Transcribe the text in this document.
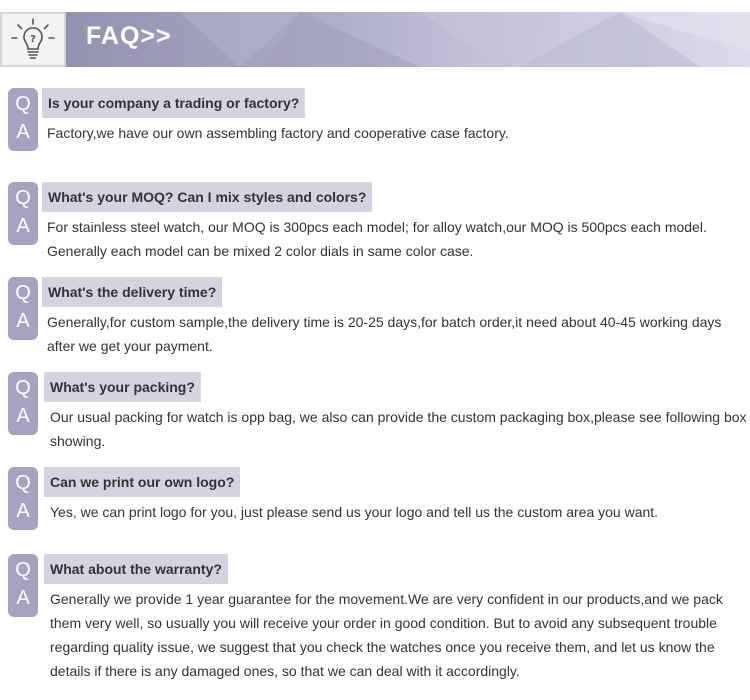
? FAQ>>
Q
A
Is your company a trading or factory?
Factory,we have our own assembling factory and cooperative case factory.
Q
A
What's your MOQ? Can I mix styles and colors?
For stainless steel watch, our MOQ is 300pcs each model; for alloy watch,our MOQ is 500pcs each model. Generally each model can be mixed 2 color dials in same color case.
Q
A
What's the delivery time?
Generally,for custom sample,the delivery time is 20-25 days,for batch order,it need about 40-45 working days after we get your payment.
Q
A
What's your packing?
Our usual packing for watch is opp bag, we also can provide the custom packaging box,please see following box showing.
Q
A
Can we print our own logo?
Yes, we can print logo for you, just please send us your logo and tell us the custom area you want.
Q
A
What about the warranty?
Generally we provide 1 year guarantee for the movement.We are very confident in our products,and we pack them very well, so usually you will receive your order in good condition. But to avoid any subsequent trouble regarding quality issue, we suggest that you check the watches once you receive them, and let us know the details if there is any damaged ones, so that we can deal with it accordingly.
